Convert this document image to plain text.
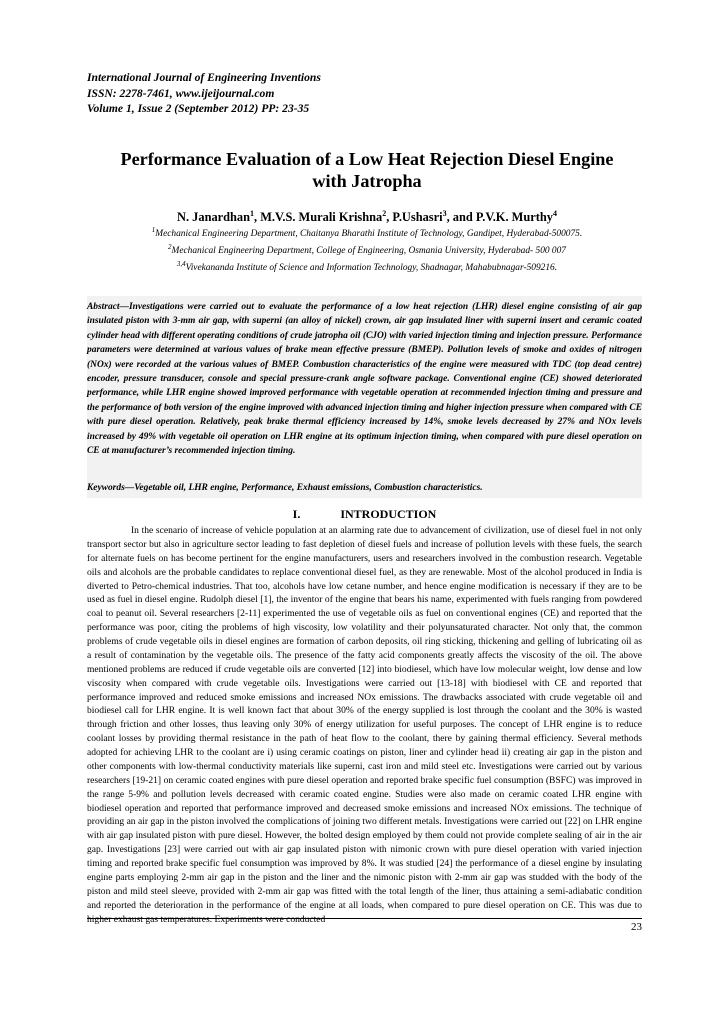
International Journal of Engineering Inventions
ISSN: 2278-7461, www.ijeijournal.com
Volume 1, Issue 2 (September 2012) PP: 23-35
Performance Evaluation of a Low Heat Rejection Diesel Engine
with Jatropha
N. Janardhan$^1$, M.V.S. Murali Krishna$^2$, P.Ushasri$^3$, and P.V.K. Murthy$^4$
$^1$Mechanical Engineering Department, Chaitanya Bharathi Institute of Technology, Gandipet, Hyderabad-500075.
$^2$Mechanical Engineering Department, College of Engineering, Osmania University, Hyderabad- 500 007
$^{3,4}$Vivekananda Institute of Science and Information Technology, Shadnagar, Mahabubnagar-509216.
Abstract—Investigations were carried out to evaluate the performance of a low heat rejection (LHR) diesel engine consisting of air gap insulated piston with 3-mm air gap, with superni (an alloy of nickel) crown, air gap insulated liner with superni insert and ceramic coated cylinder head with different operating conditions of crude jatropha oil (CJO) with varied injection timing and injection pressure. Performance parameters were determined at various values of brake mean effective pressure (BMEP). Pollution levels of smoke and oxides of nitrogen (NOx) were recorded at the various values of BMEP. Combustion characteristics of the engine were measured with TDC (top dead centre) encoder, pressure transducer, console and special pressure-crank angle software package. Conventional engine (CE) showed deteriorated performance, while LHR engine showed improved performance with vegetable operation at recommended injection timing and pressure and the performance of both version of the engine improved with advanced injection timing and higher injection pressure when compared with CE with pure diesel operation. Relatively, peak brake thermal efficiency increased by 14%, smoke levels decreased by 27% and NOx levels increased by 49% with vegetable oil operation on LHR engine at its optimum injection timing, when compared with pure diesel operation on CE at manufacturer’s recommended injection timing.
Keywords—Vegetable oil, LHR engine, Performance, Exhaust emissions, Combustion characteristics.
I.	INTRODUCTION

In the scenario of increase of vehicle population at an alarming rate due to advancement of civilization, use of diesel fuel in not only transport sector but also in agriculture sector leading to fast depletion of diesel fuels and increase of pollution levels with these fuels, the search for alternate fuels on has become pertinent for the engine manufacturers, users and researchers involved in the combustion research. Vegetable oils and alcohols are the probable candidates to replace conventional diesel fuel, as they are renewable. Most of the alcohol produced in India is diverted to Petro-chemical industries. That too, alcohols have low cetane number, and hence engine modification is necessary if they are to be used as fuel in diesel engine. Rudolph diesel [1], the inventor of the engine that bears his name, experimented with fuels ranging from powdered coal to peanut oil. Several researchers [2-11] experimented the use of vegetable oils as fuel on conventional engines (CE) and reported that the performance was poor, citing the problems of high viscosity, low volatility and their polyunsaturated character. Not only that, the common problems of crude vegetable oils in diesel engines are formation of carbon deposits, oil ring sticking, thickening and gelling of lubricating oil as a result of contamination by the vegetable oils. The presence of the fatty acid components greatly affects the viscosity of the oil. The above mentioned problems are reduced if crude vegetable oils are converted [12] into biodiesel, which have low molecular weight, low dense and low viscosity when compared with crude vegetable oils. Investigations were carried out [13-18] with biodiesel with CE and reported that performance improved and reduced smoke emissions and increased NOx emissions. The drawbacks associated with crude vegetable oil and biodiesel call for LHR engine. It is well known fact that about 30% of the energy supplied is lost through the coolant and the 30% is wasted through friction and other losses, thus leaving only 30% of energy utilization for useful purposes. The concept of LHR engine is to reduce coolant losses by providing thermal resistance in the path of heat flow to the coolant, there by gaining thermal efficiency. Several methods adopted for achieving LHR to the coolant are i) using ceramic coatings on piston, liner and cylinder head ii) creating air gap in the piston and other components with low-thermal conductivity materials like superni, cast iron and mild steel etc. Investigations were carried out by various researchers [19-21] on ceramic coated engines with pure diesel operation and reported brake specific fuel consumption (BSFC) was improved in the range 5-9% and pollution levels decreased with ceramic coated engine. Studies were also made on ceramic coated LHR engine with biodiesel operation and reported that performance improved and decreased smoke emissions and increased NOx emissions. The technique of providing an air gap in the piston involved the complications of joining two different metals. Investigations were carried out [22] on LHR engine with air gap insulated piston with pure diesel. However, the bolted design employed by them could not provide complete sealing of air in the air gap. Investigations [23] were carried out with air gap insulated piston with nimonic crown with pure diesel operation with varied injection timing and reported brake specific fuel consumption was improved by 8%. It was studied [24] the performance of a diesel engine by insulating engine parts employing 2-mm air gap in the piston and the liner and the nimonic piston with 2-mm air gap was studded with the body of the piston and mild steel sleeve, provided with 2-mm air gap was fitted with the total length of the liner, thus attaining a semi-adiabatic condition and reported the deterioration in the performance of the engine at all loads, when compared to pure diesel operation on CE. This was due to higher exhaust gas temperatures. Experiments were conducted

23
